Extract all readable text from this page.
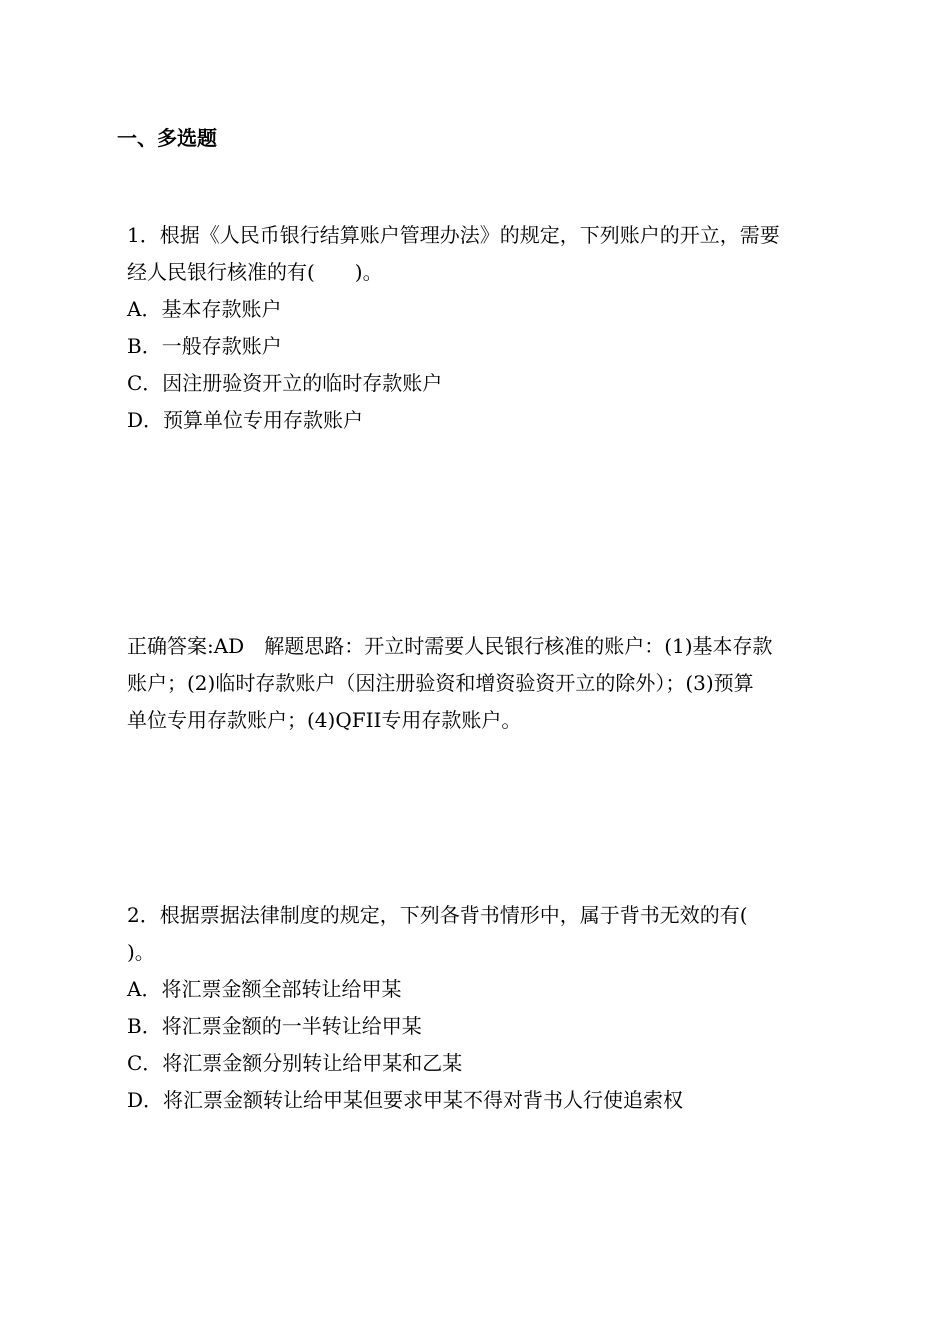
一、多选题
1．根据《人民币银行结算账户管理办法》的规定，下列账户的开立，需要
经人民银行核准的有(　　)。
A．基本存款账户
B．一般存款账户
C．因注册验资开立的临时存款账户
D．预算单位专用存款账户
正确答案:AD　解题思路：开立时需要人民银行核准的账户：(1)基本存款
账户；(2)临时存款账户（因注册验资和增资验资开立的除外）；(3)预算
单位专用存款账户；(4)QFII专用存款账户。
2．根据票据法律制度的规定，下列各背书情形中，属于背书无效的有(
)。
A．将汇票金额全部转让给甲某
B．将汇票金额的一半转让给甲某
C．将汇票金额分别转让给甲某和乙某
D．将汇票金额转让给甲某但要求甲某不得对背书人行使追索权
